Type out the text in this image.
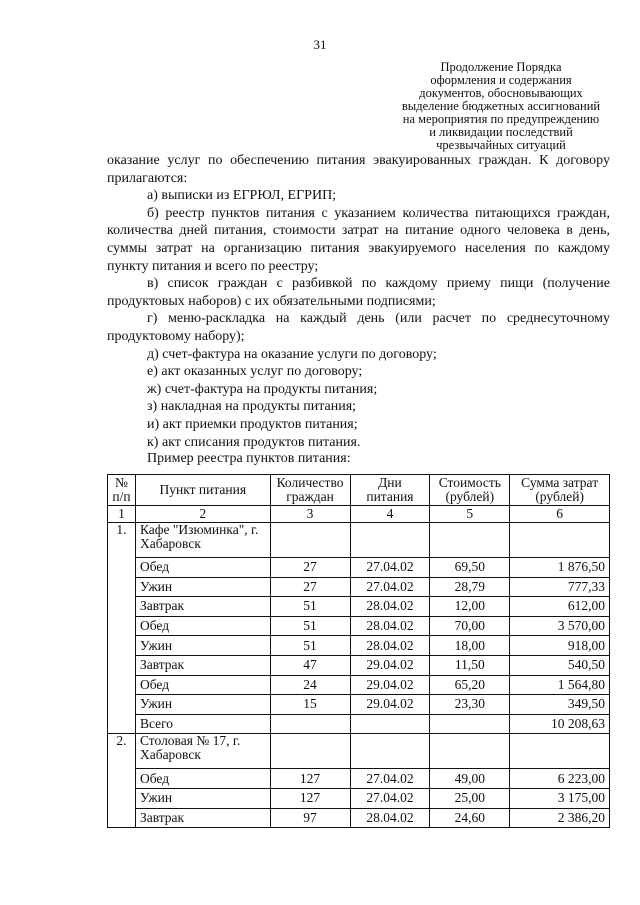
31
Продолжение Порядка
оформления и содержания
документов, обосновывающих
выделение бюджетных ассигнований
на мероприятия по предупреждению
и ликвидации последствий
чрезвычайных ситуаций

оказание услуг по обеспечению питания эвакуированных граждан. К договору прилагаются:

а) выписки из ЕГРЮЛ, ЕГРИП;

б) реестр пунктов питания с указанием количества питающихся граждан, количества дней питания, стоимости затрат на питание одного человека в день, суммы затрат на организацию питания эвакуируемого населения по каждому пункту питания и всего по реестру;

в) список граждан с разбивкой по каждому приему пищи (получение продуктовых наборов) с их обязательными подписями;

г) меню-раскладка на каждый день (или расчет по среднесуточному продуктовому набору);

д) счет-фактура на оказание услуги по договору;

е) акт оказанных услуг по договору;

ж) счет-фактура на продукты питания;

з) накладная на продукты питания;

и) акт приемки продуктов питания;

к) акт списания продуктов питания.

Пример реестра пунктов питания:
№ п/п	Пункт питания	Количество граждан	Дни питания	Стоимость (рублей)	Сумма затрат (рублей)
1	2	3	4	5	6
1.	Кафе "Изюминка", г. Хабаровск				
	Обед	27	27.04.02	69,50	1 876,50
	Ужин	27	27.04.02	28,79	777,33
	Завтрак	51	28.04.02	12,00	612,00
	Обед	51	28.04.02	70,00	3 570,00
	Ужин	51	28.04.02	18,00	918,00
	Завтрак	47	29.04.02	11,50	540,50
	Обед	24	29.04.02	65,20	1 564,80
	Ужин	15	29.04.02	23,30	349,50
	Всего				10 208,63
2.	Столовая № 17, г. Хабаровск				
	Обед	127	27.04.02	49,00	6 223,00
	Ужин	127	27.04.02	25,00	3 175,00
	Завтрак	97	28.04.02	24,60	2 386,20
